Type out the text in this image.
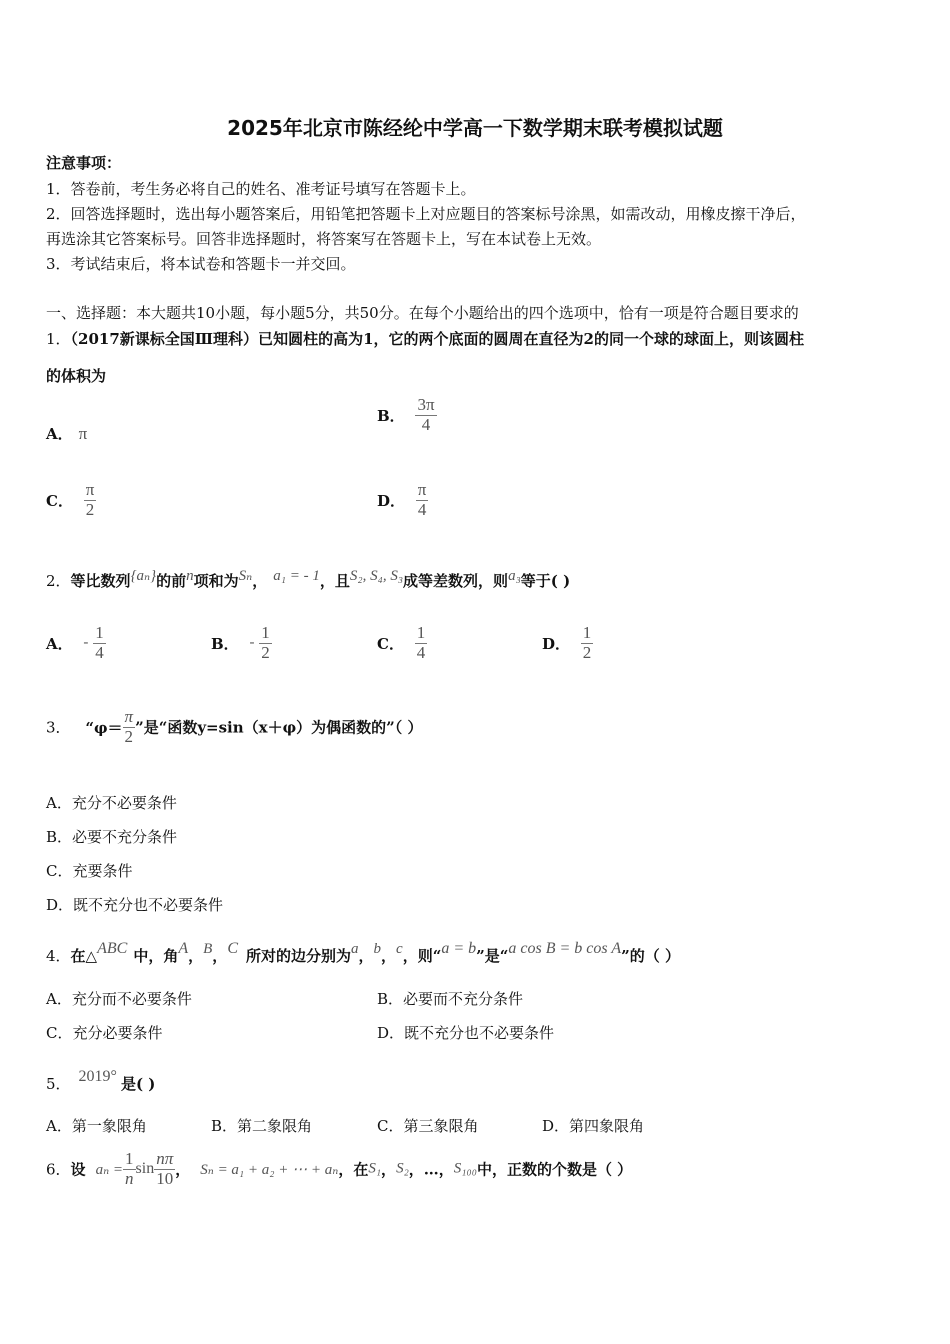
2025年北京市陈经纶中学高一下数学期末联考模拟试题
注意事项：
1．答卷前，考生务必将自己的姓名、准考证号填写在答题卡上。
2．回答选择题时，选出每小题答案后，用铅笔把答题卡上对应题目的答案标号涂黑，如需改动，用橡皮擦干净后，
再选涂其它答案标号。回答非选择题时，将答案写在答题卡上，写在本试卷上无效。
3．考试结束后，将本试卷和答题卡一并交回。
一、选择题：本大题共10小题，每小题5分，共50分。在每个小题给出的四个选项中，恰有一项是符合题目要求的
1．（2017新课标全国Ⅲ理科）已知圆柱的高为1，它的两个底面的圆周在直径为2的同一个球的球面上，则该圆柱
的体积为
A． π
B． $\frac{3\pi}{4}$
C． $\frac{\pi}{2}$	D． $\frac{\pi}{4}$
2．等比数列{aₙ}的前n项和为Sₙ， a₁ = - 1，且S₂, S₄, S₃成等差数列，则a₃等于( )
A． - $\frac{1}{4}$	B． - $\frac{1}{2}$	C． $\frac{1}{4}$	D． $\frac{1}{2}$
3． “$\varphi= \frac{\pi}{2}$ ”是“函数y=sin（x＋φ）为偶函数的”（ ）
A．充分不必要条件
B．必要不充分条件
C．充要条件
D．既不充分也不必要条件
4．在△ABC 中，角A，B，C 所对的边分别为a，b，c，则“a = b”是“a cos B = b cos A”的（ ）
A．充分而不必要条件	B．必要而不充分条件
C．充分必要条件	D．既不充分也不必要条件
5． 2019° 是( )
A．第一象限角	B．第二象限角	C．第三象限角	D．第四象限角
6．设 $a_n = \frac{1}{n}$ $\sin \frac{n\pi}{10}$ ， Sₙ = a₁ + a₂ + ⋯ + aₙ，在S₁，S₂，…，S₁₀₀中，正数的个数是（ ）
